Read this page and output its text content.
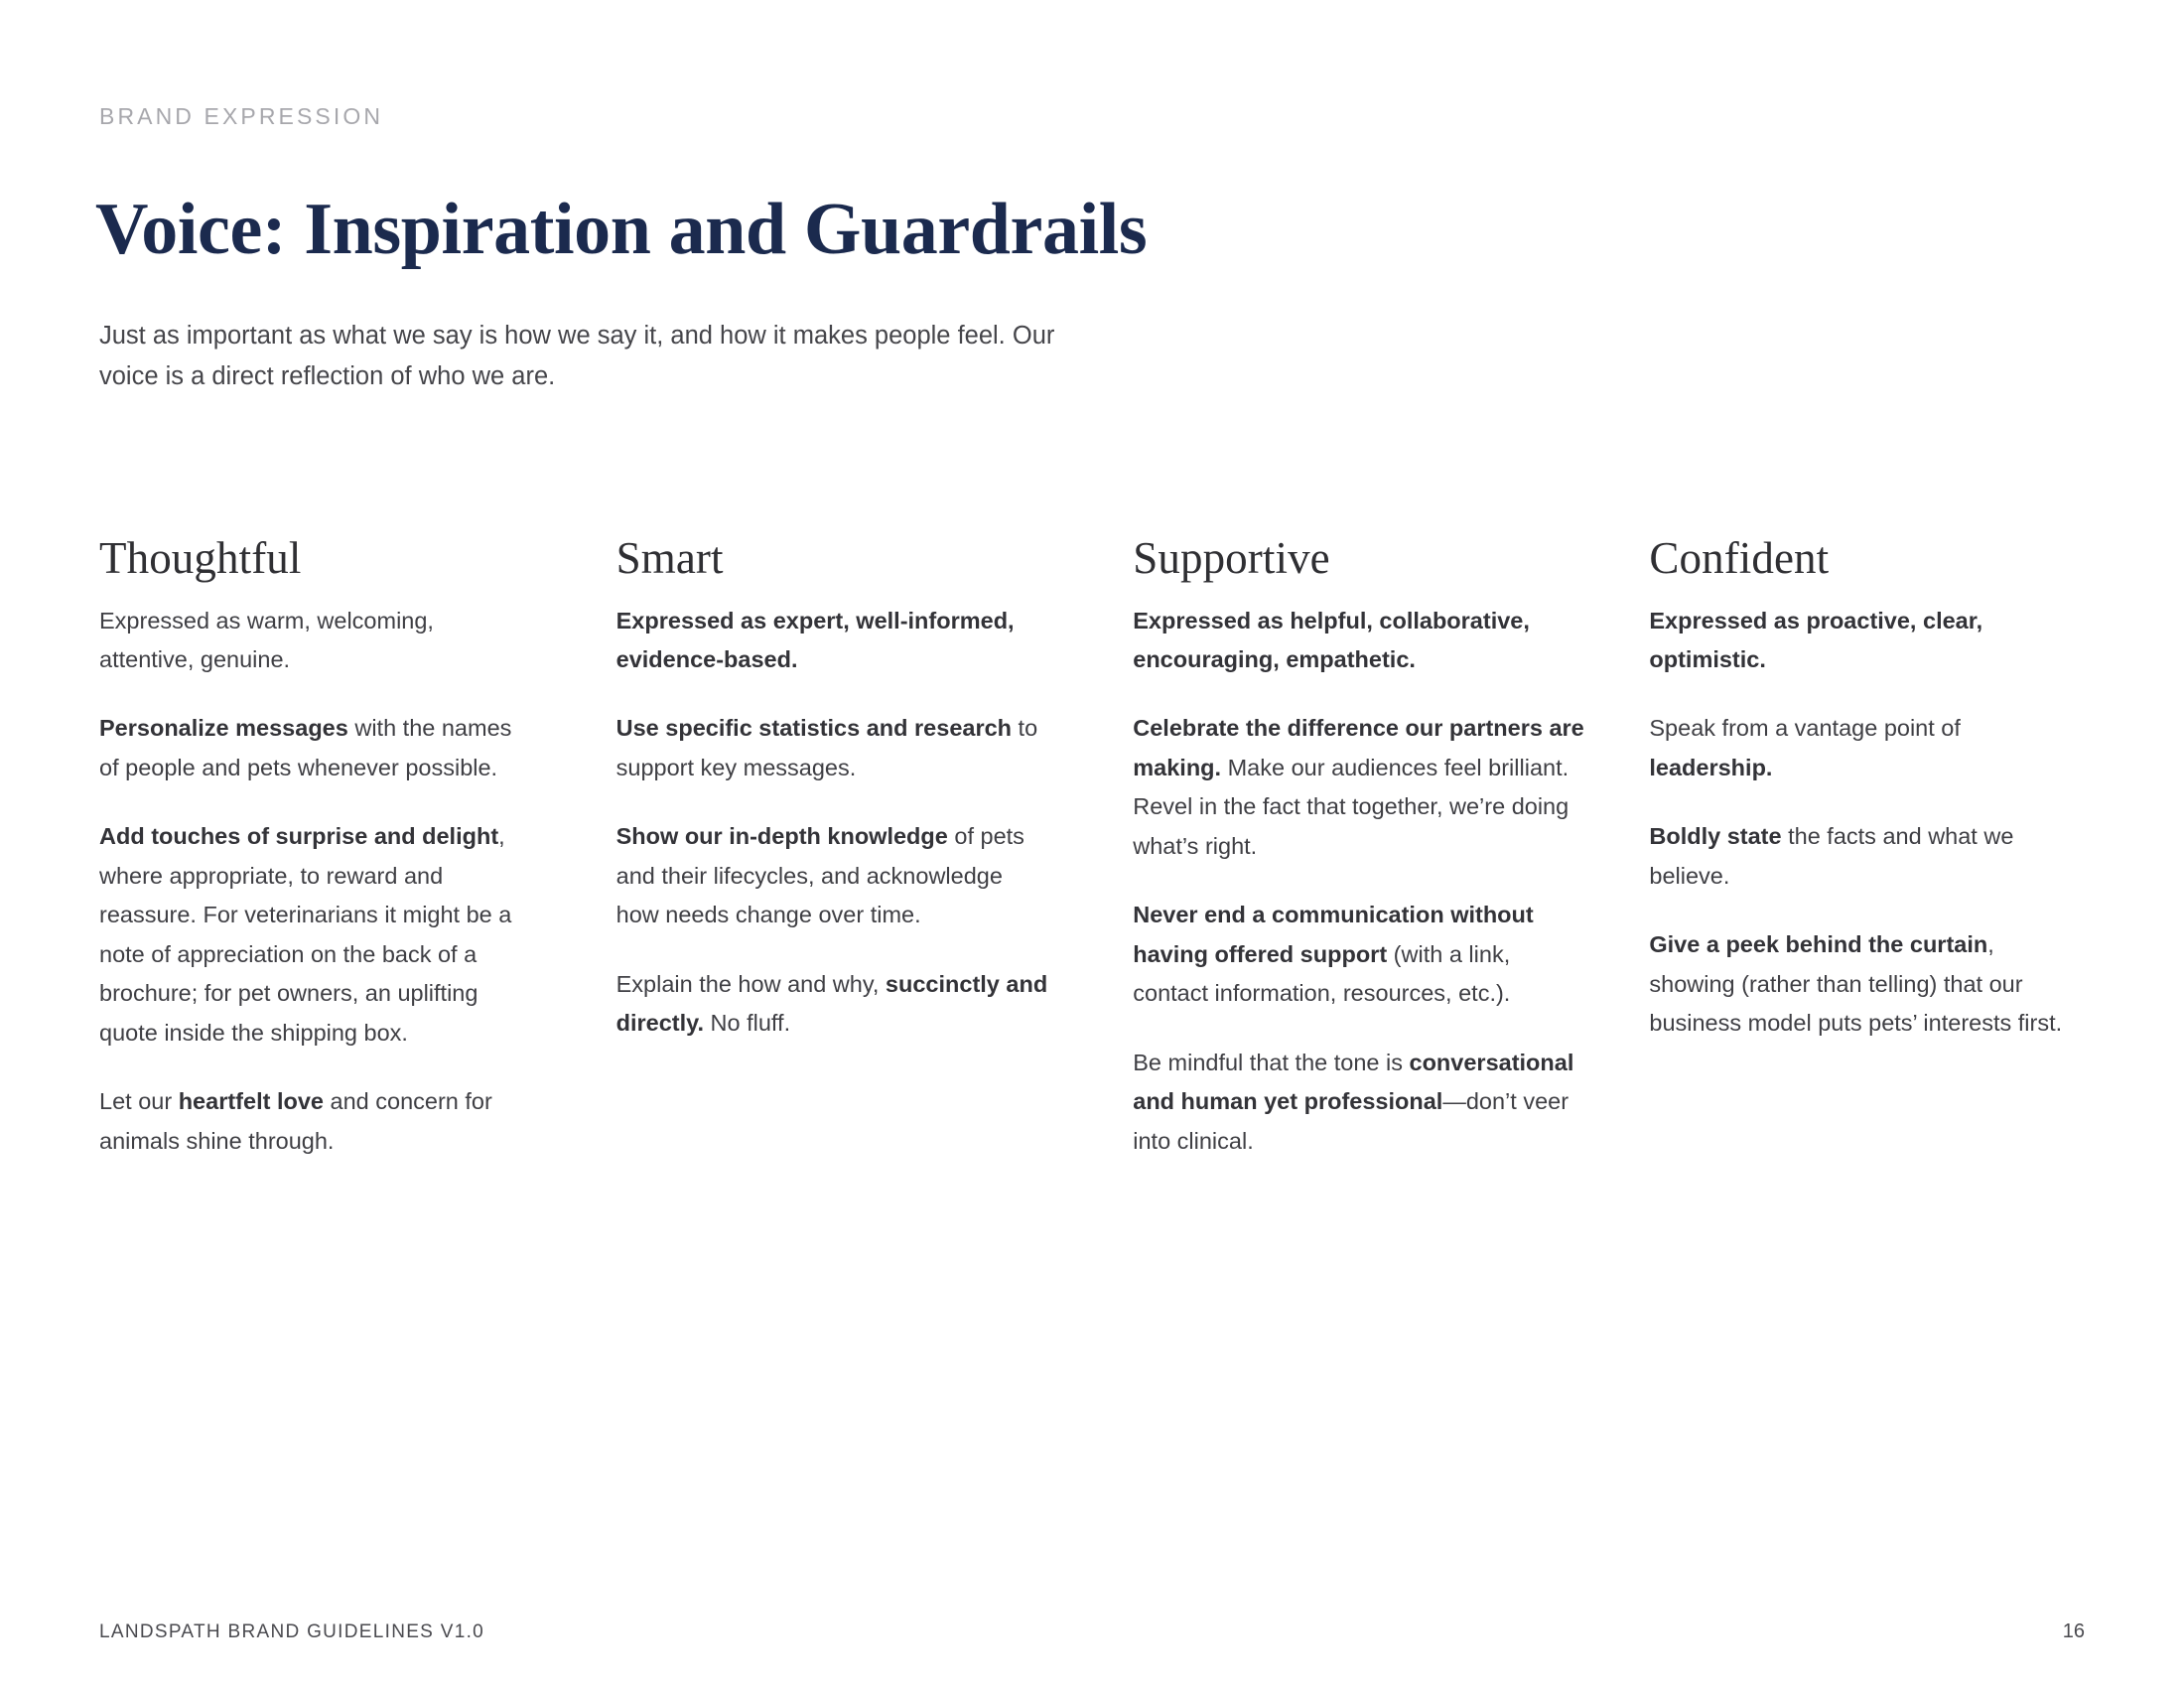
BRAND EXPRESSION
Voice: Inspiration and Guardrails

Just as important as what we say is how we say it, and how it makes people feel. Our voice is a direct reflection of who we are.

Thoughtful

Expressed as warm, welcoming, attentive, genuine.

Personalize messages with the names of people and pets whenever possible.

Add touches of surprise and delight, where appropriate, to reward and reassure. For veterinarians it might be a note of appreciation on the back of a brochure; for pet owners, an uplifting quote inside the shipping box.

Let our heartfelt love and concern for animals shine through.

Smart

Expressed as expert, well-informed, evidence-based.

Use specific statistics and research to support key messages.

Show our in-depth knowledge of pets and their lifecycles, and acknowledge how needs change over time.

Explain the how and why, succinctly and directly. No fluff.

Supportive

Expressed as helpful, collaborative, encouraging, empathetic.

Celebrate the difference our partners are making. Make our audiences feel brilliant. Revel in the fact that together, we’re doing what’s right.

Never end a communication without having offered support (with a link, contact information, resources, etc.).

Be mindful that the tone is conversational and human yet professional—don’t veer into clinical.

Confident

Expressed as proactive, clear, optimistic.

Speak from a vantage point of leadership.

Boldly state the facts and what we believe.

Give a peek behind the curtain, showing (rather than telling) that our business model puts pets’ interests first.

LANDSPATH BRAND GUIDELINES V1.0	16
